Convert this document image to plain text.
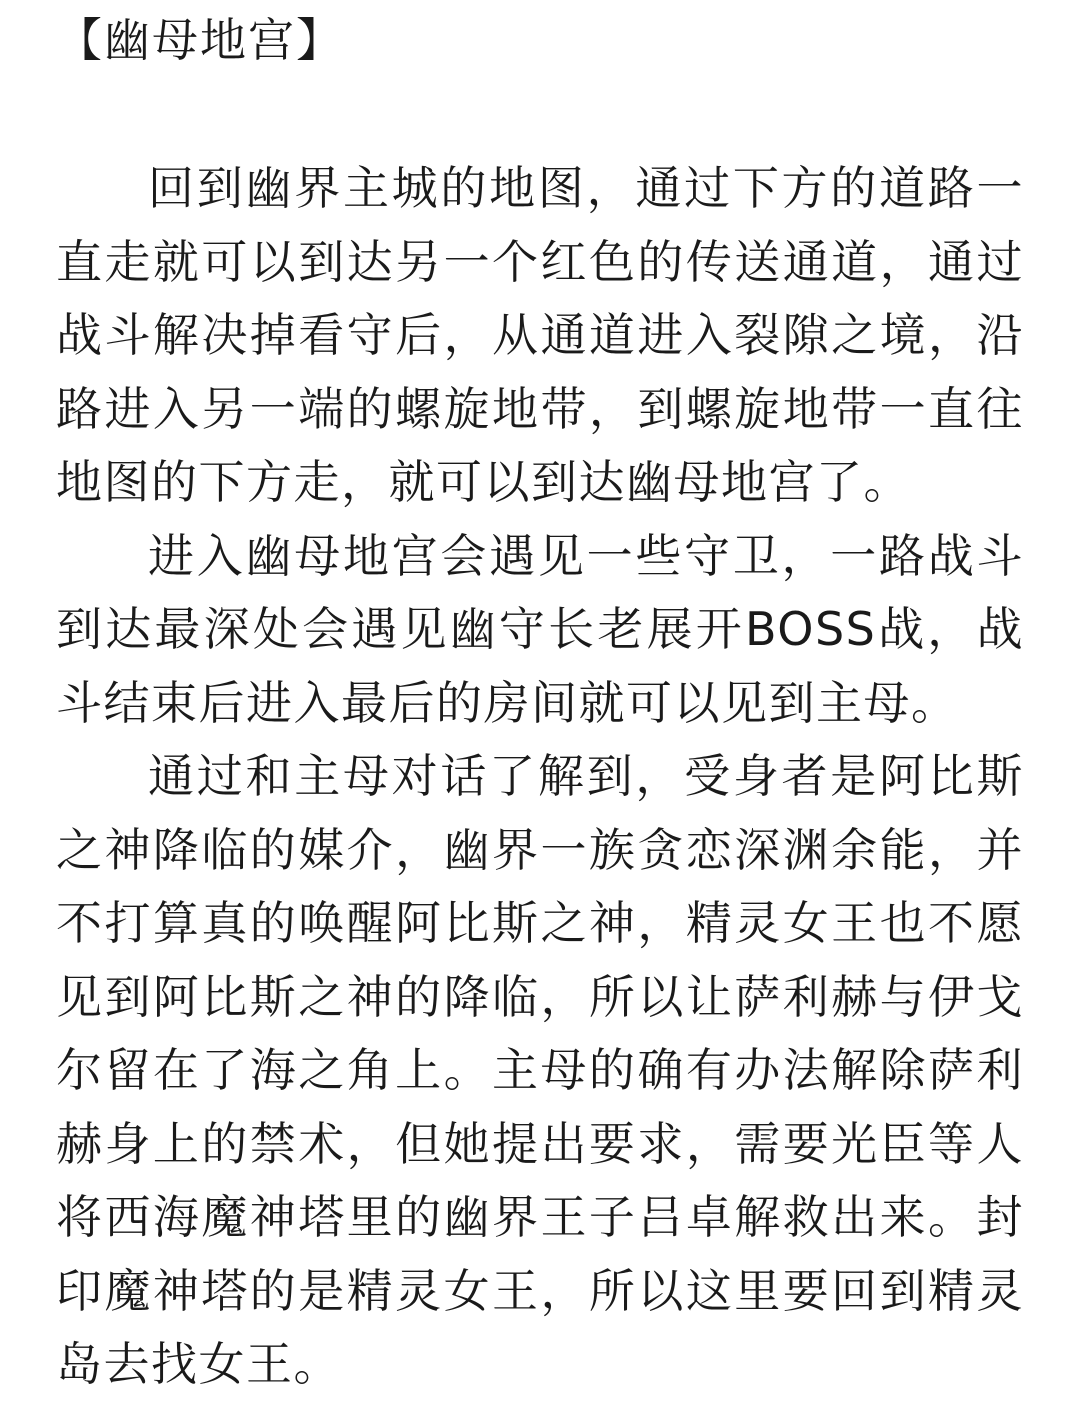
【幽母地宫】

回到幽界主城的地图，通过下方的道路一直走就可以到达另一个红色的传送通道，通过战斗解决掉看守后，从通道进入裂隙之境，沿路进入另一端的螺旋地带，到螺旋地带一直往地图的下方走，就可以到达幽母地宫了。

进入幽母地宫会遇见一些守卫，一路战斗到达最深处会遇见幽守长老展开BOSS战，战斗结束后进入最后的房间就可以见到主母。

通过和主母对话了解到，受身者是阿比斯之神降临的媒介，幽界一族贪恋深渊余能，并不打算真的唤醒阿比斯之神，精灵女王也不愿见到阿比斯之神的降临，所以让萨利赫与伊戈尔留在了海之角上。主母的确有办法解除萨利赫身上的禁术，但她提出要求，需要光臣等人将西海魔神塔里的幽界王子吕卓解救出来。封印魔神塔的是精灵女王，所以这里要回到精灵岛去找女王。
